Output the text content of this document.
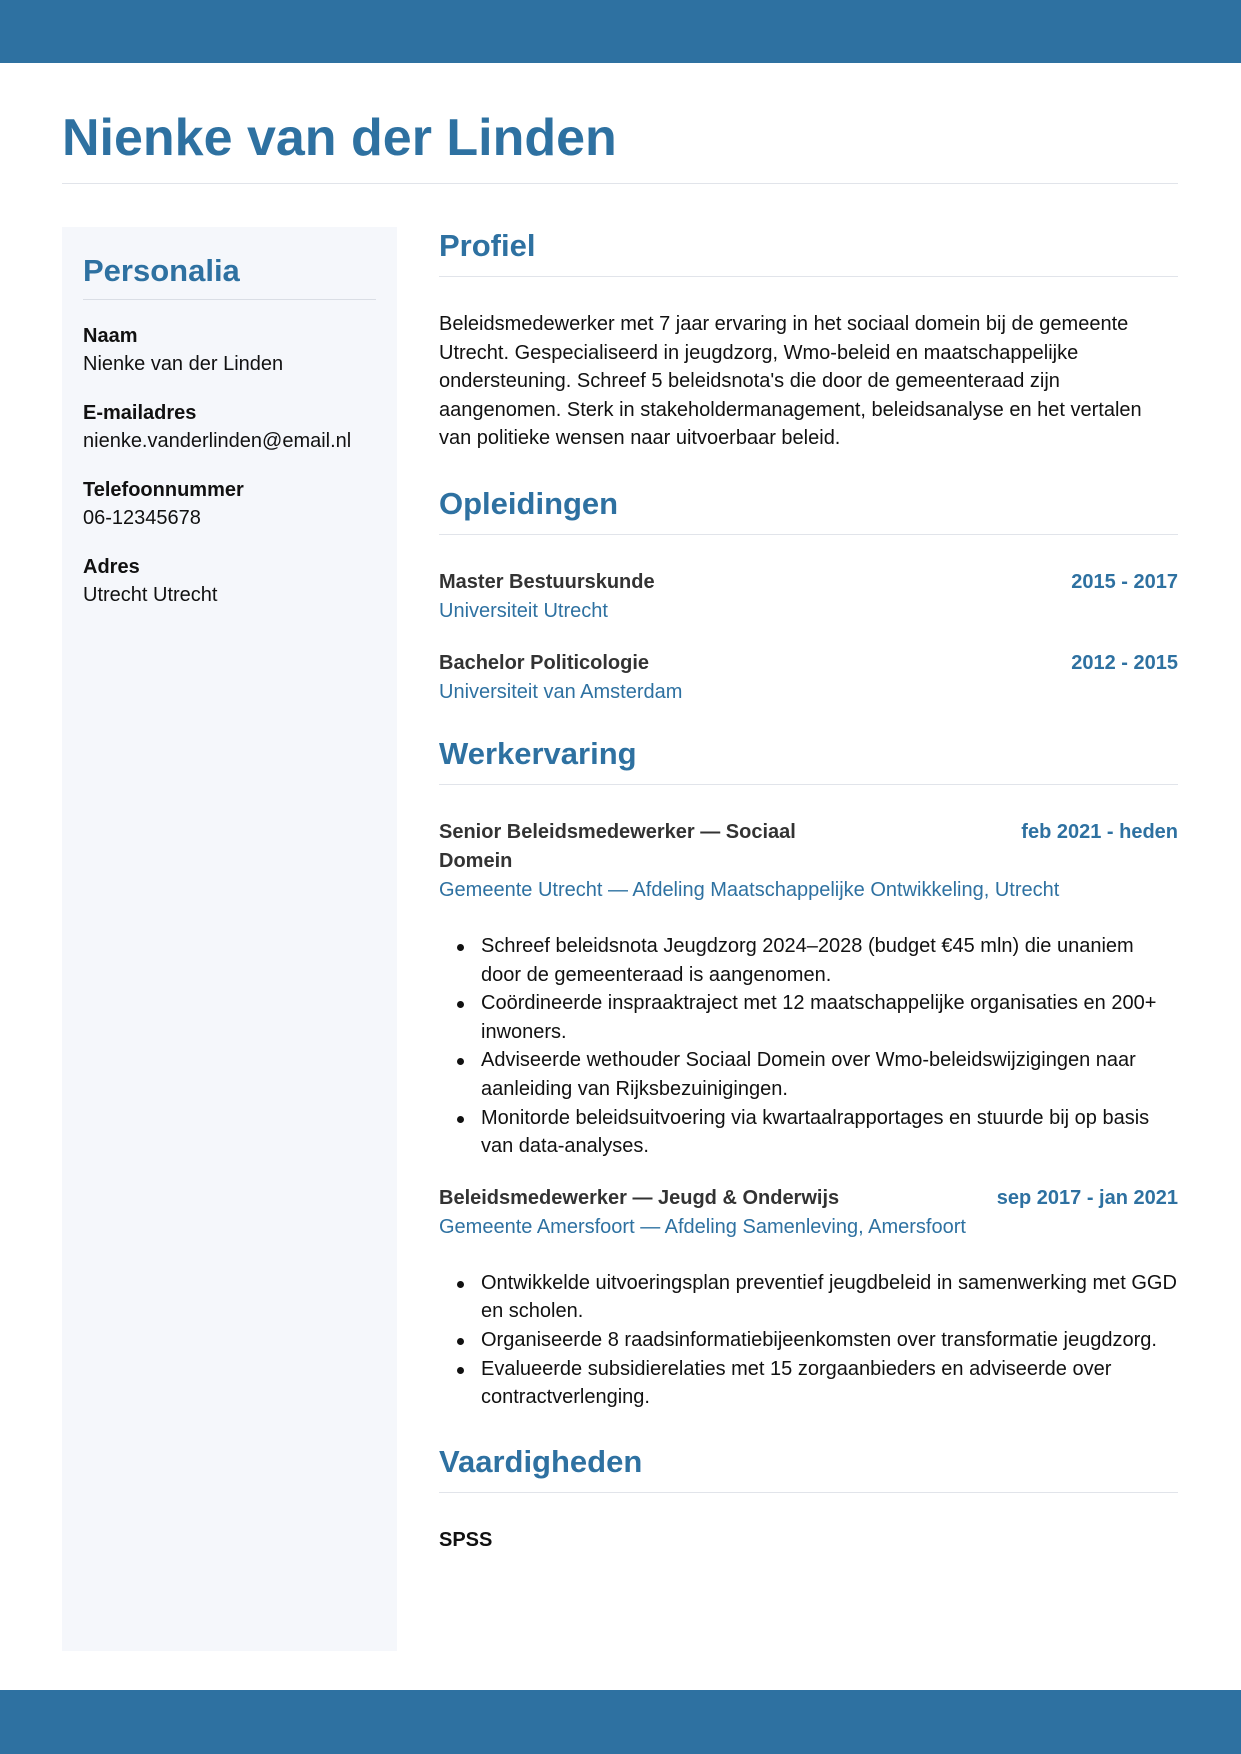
Nienke van der Linden
Personalia
Naam
Nienke van der Linden
E-mailadres
nienke.vanderlinden@email.nl
Telefoonnummer
06-12345678
Adres
Utrecht Utrecht
Profiel

Beleidsmedewerker met 7 jaar ervaring in het sociaal domein bij de gemeente Utrecht. Gespecialiseerd in jeugdzorg, Wmo-beleid en maatschappelijke ondersteuning. Schreef 5 beleidsnota's die door de gemeenteraad zijn aangenomen. Sterk in stakeholdermanagement, beleidsanalyse en het vertalen van politieke wensen naar uitvoerbaar beleid.

Opleidingen
Master Bestuurskunde	2015 - 2017
Universiteit Utrecht
Bachelor Politicologie	2012 - 2015
Universiteit van Amsterdam
Werkervaring
Senior Beleidsmedewerker — Sociaal Domein
feb 2021 - heden
Gemeente Utrecht — Afdeling Maatschappelijke Ontwikkeling, Utrecht
Schreef beleidsnota Jeugdzorg 2024–2028 (budget €45 mln) die unaniem door de gemeenteraad is aangenomen.
Coördineerde inspraaktraject met 12 maatschappelijke organisaties en 200+ inwoners.
Adviseerde wethouder Sociaal Domein over Wmo-beleidswijzigingen naar aanleiding van Rijksbezuinigingen.
Monitorde beleidsuitvoering via kwartaalrapportages en stuurde bij op basis van data-analyses.
Beleidsmedewerker — Jeugd & Onderwijs	sep 2017 - jan 2021
Gemeente Amersfoort — Afdeling Samenleving, Amersfoort
Ontwikkelde uitvoeringsplan preventief jeugdbeleid in samenwerking met GGD en scholen.
Organiseerde 8 raadsinformatiebijeenkomsten over transformatie jeugdzorg.
Evalueerde subsidierelaties met 15 zorgaanbieders en adviseerde over contractverlenging.
Vaardigheden
SPSS
